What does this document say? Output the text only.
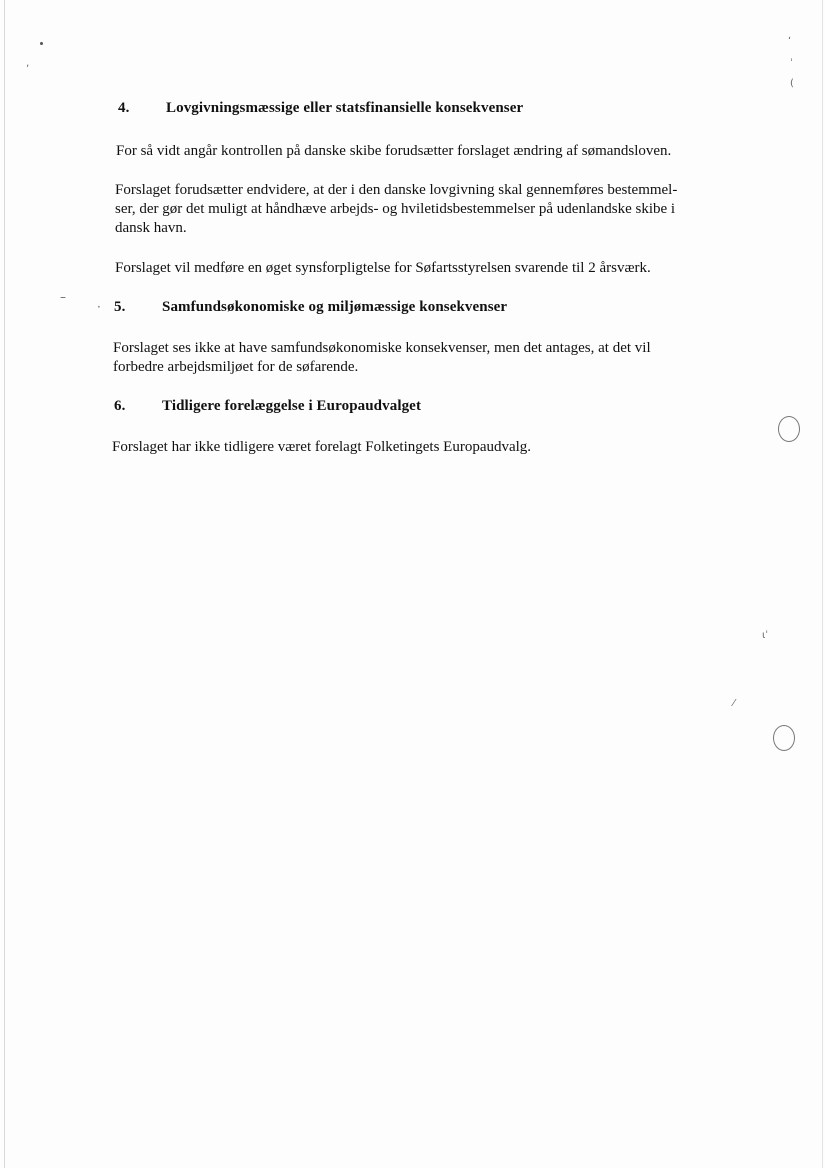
‚
–
·
ʻ
ˈ
(
ɩˈ
⁄
4. Lovgivningsmæssige eller statsfinansielle konsekvenser
For så vidt angår kontrollen på danske skibe forudsætter forslaget ændring af sømandsloven.
Forslaget forudsætter endvidere, at der i den danske lovgivning skal gennemføres bestemmel-
ser, der gør det muligt at håndhæve arbejds- og hviletidsbestemmelser på udenlandske skibe i
dansk havn.
Forslaget vil medføre en øget synsforpligtelse for Søfartsstyrelsen svarende til 2 årsværk.
5. Samfundsøkonomiske og miljømæssige konsekvenser
Forslaget ses ikke at have samfundsøkonomiske konsekvenser, men det antages, at det vil
forbedre arbejdsmiljøet for de søfarende.
6. Tidligere forelæggelse i Europaudvalget
Forslaget har ikke tidligere været forelagt Folketingets Europaudvalg.
